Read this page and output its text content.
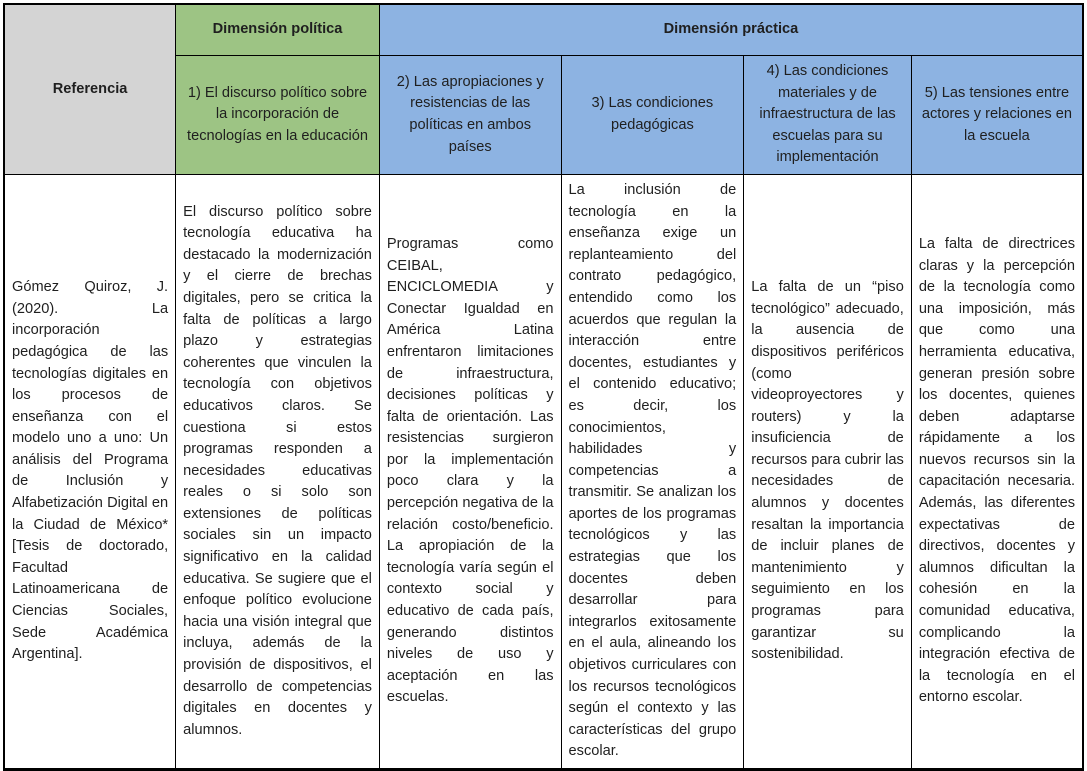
Referencia	Dimensión política	Dimensión práctica			
	1) El discurso político sobre la incorporación de tecnologías en la educación	2) Las apropiaciones y resistencias de las políticas en ambos países	3) Las condiciones pedagógicas	4) Las condiciones materiales y de infraestructura de las escuelas para su implementación	5) Las tensiones entre actores y relaciones en la escuela
Gómez Quiroz, J. (2020). La incorporación pedagógica de las tecnologías digitales en los procesos de enseñanza con el modelo uno a uno: Un análisis del Programa de Inclusión y Alfabetización Digital en la Ciudad de México* [Tesis de doctorado, Facultad Latinoamericana de Ciencias Sociales, Sede Académica Argentina].	El discurso político sobre tecnología educativa ha destacado la modernización y el cierre de brechas digitales, pero se critica la falta de políticas a largo plazo y estrategias coherentes que vinculen la tecnología con objetivos educativos claros. Se cuestiona si estos programas responden a necesidades educativas reales o si solo son extensiones de políticas sociales sin un impacto significativo en la calidad educativa. Se sugiere que el enfoque político evolucione hacia una visión integral que incluya, además de la provisión de dispositivos, el desarrollo de competencias digitales en docentes y alumnos.	Programas como CEIBAL, ENCICLOMEDIA y Conectar Igualdad en América Latina enfrentaron limitaciones de infraestructura, decisiones políticas y falta de orientación. Las resistencias surgieron por la implementación poco clara y la percepción negativa de la relación costo/beneficio. La apropiación de la tecnología varía según el contexto social y educativo de cada país, generando distintos niveles de uso y aceptación en las escuelas.	La inclusión de tecnología en la enseñanza exige un replanteamiento del contrato pedagógico, entendido como los acuerdos que regulan la interacción entre docentes, estudiantes y el contenido educativo; es decir, los conocimientos, habilidades y competencias a transmitir. Se analizan los aportes de los programas tecnológicos y las estrategias que los docentes deben desarrollar para integrarlos exitosamente en el aula, alineando los objetivos curriculares con los recursos tecnológicos según el contexto y las características del grupo escolar.	La falta de un “piso tecnológico” adecuado, la ausencia de dispositivos periféricos (como videoproyectores y routers) y la insuficiencia de recursos para cubrir las necesidades de alumnos y docentes resaltan la importancia de incluir planes de mantenimiento y seguimiento en los programas para garantizar su sostenibilidad.	La falta de directrices claras y la percepción de la tecnología como una imposición, más que como una herramienta educativa, generan presión sobre los docentes, quienes deben adaptarse rápidamente a los nuevos recursos sin la capacitación necesaria. Además, las diferentes expectativas de directivos, docentes y alumnos dificultan la cohesión en la comunidad educativa, complicando la integración efectiva de la tecnología en el entorno escolar.
